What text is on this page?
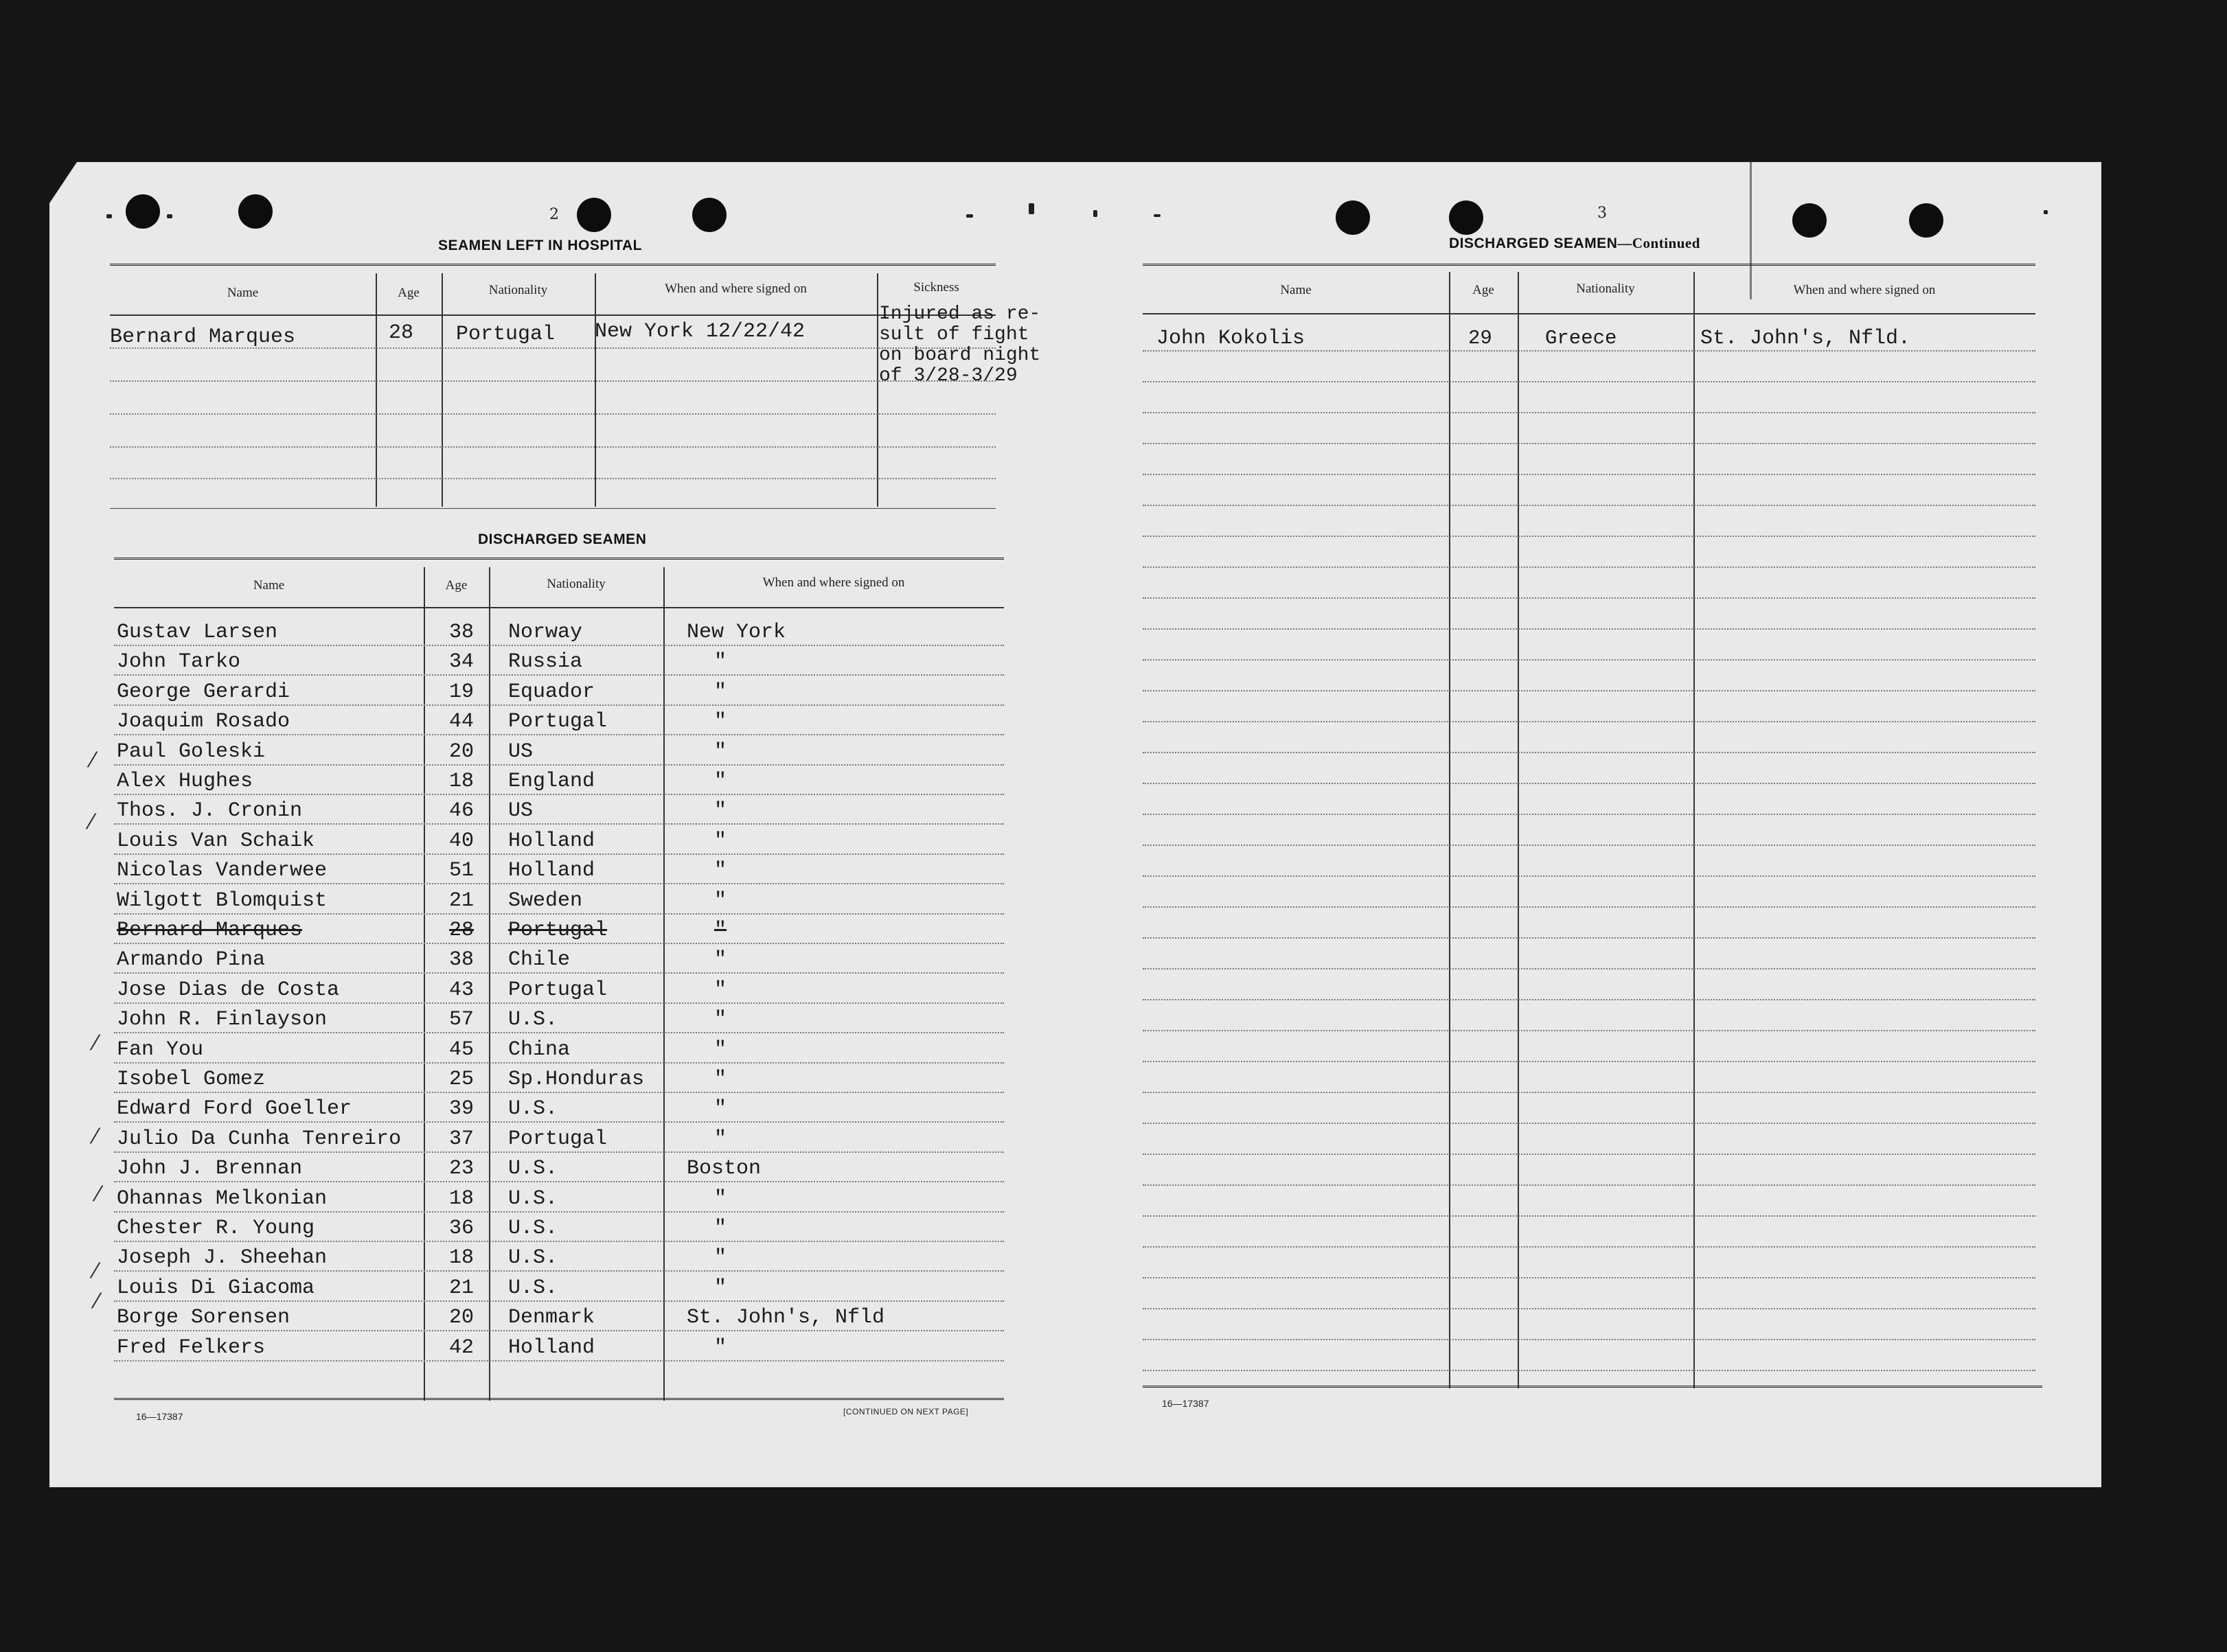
2
SEAMEN LEFT IN HOSPITAL
Name	Age	Nationality	When and where signed on	Sickness
Bernard Marques	28 Portugal New York 12/22/42
Injured as re-
sult of fight
on board night
of 3/28-3/29
DISCHARGED SEAMEN
Name	Age	Nationality	When and where signed on
Gustav Larsen	38 Norway	New York
John Tarko	34 Russia	"
George Gerardi	19 Equador	"
Joaquim Rosado	44 Portugal	"
Paul Goleski	20 US	"
Alex Hughes	18 England	"
Thos. J. Cronin	46 US	"
Louis Van Schaik	40 Holland	"
Nicolas Vanderwee	51 Holland	"
Wilgott Blomquist	21 Sweden	"
Bernard Marques	28 Portugal	"
Armando Pina	38 Chile	"
Jose Dias de Costa	43 Portugal	"
John R. Finlayson	57 U.S.	"
Fan You	45 China	"
Isobel Gomez	25 Sp.Honduras	"
Edward Ford Goeller	39 U.S.	"
Julio Da Cunha Tenreiro 37 Portugal	"
John J. Brennan	23 U.S.	Boston
Ohannas Melkonian	18 U.S.	"
Chester R. Young	36 U.S.	"
Joseph J. Sheehan	18 U.S.	"
Louis Di Giacoma	21 U.S.	"
Borge Sorensen	20 Denmark	St. John's, Nfld
Fred Felkers	42 Holland	"
⁄
⁄
⁄
⁄
⁄
⁄
⁄
16—17387	[CONTINUED ON NEXT PAGE]
3
DISCHARGED SEAMEN—Continued
Name	Age	Nationality	When and where signed on
John Kokolis	29	Greece	St. John's, Nfld.
16—17387
